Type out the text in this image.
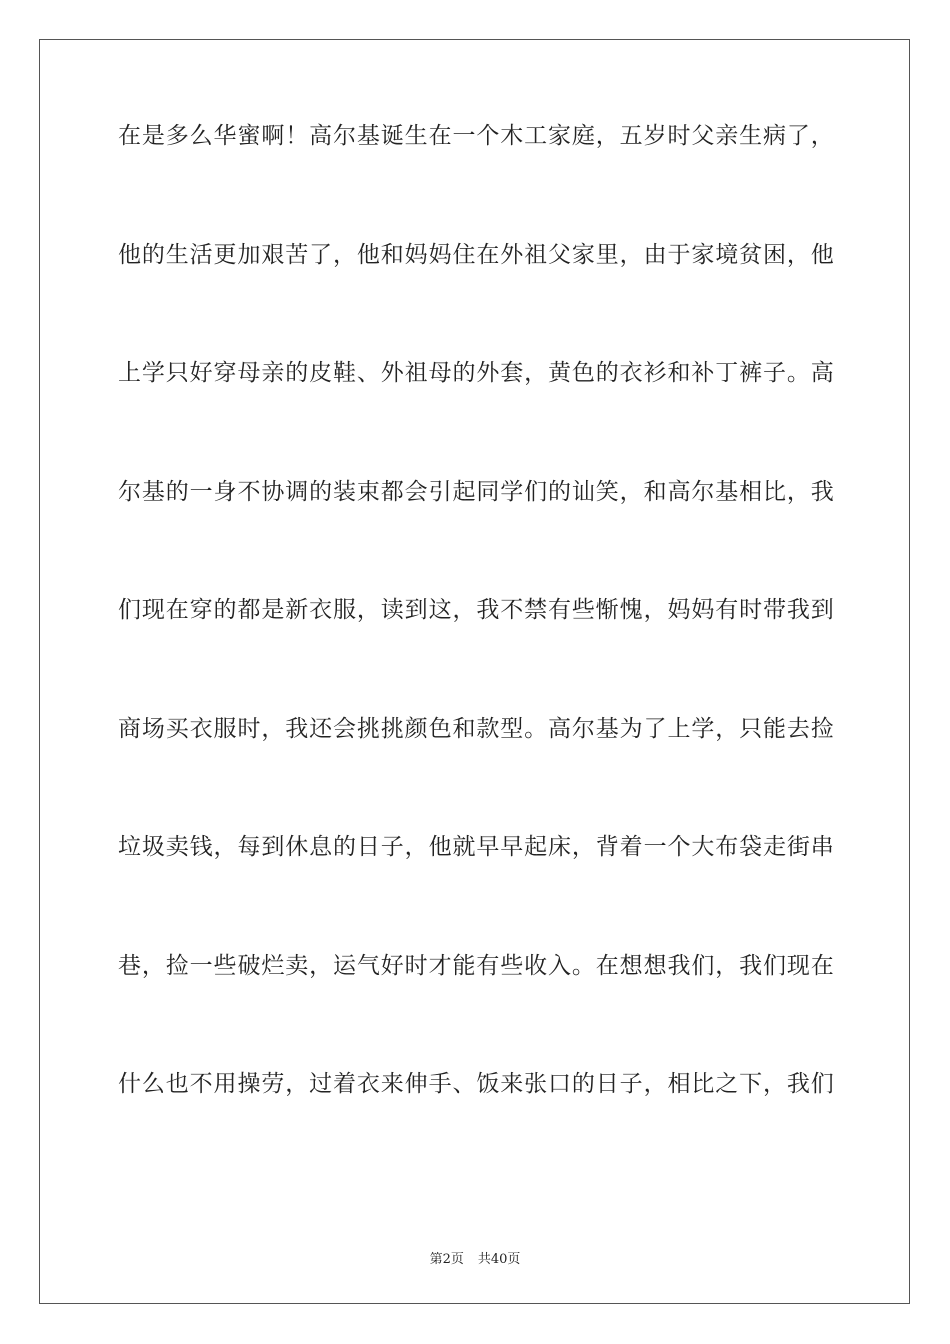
在是多么华蜜啊！高尔基诞生在一个木工家庭，五岁时父亲生病了，
他的生活更加艰苦了，他和妈妈住在外祖父家里，由于家境贫困，他
上学只好穿母亲的皮鞋、外祖母的外套，黄色的衣衫和补丁裤子。高
尔基的一身不协调的装束都会引起同学们的讪笑，和高尔基相比，我
们现在穿的都是新衣服，读到这，我不禁有些惭愧，妈妈有时带我到
商场买衣服时，我还会挑挑颜色和款型。高尔基为了上学，只能去捡
垃圾卖钱，每到休息的日子，他就早早起床，背着一个大布袋走街串
巷，捡一些破烂卖，运气好时才能有些收入。在想想我们，我们现在
什么也不用操劳，过着衣来伸手、饭来张口的日子，相比之下，我们
第2页 共40页
